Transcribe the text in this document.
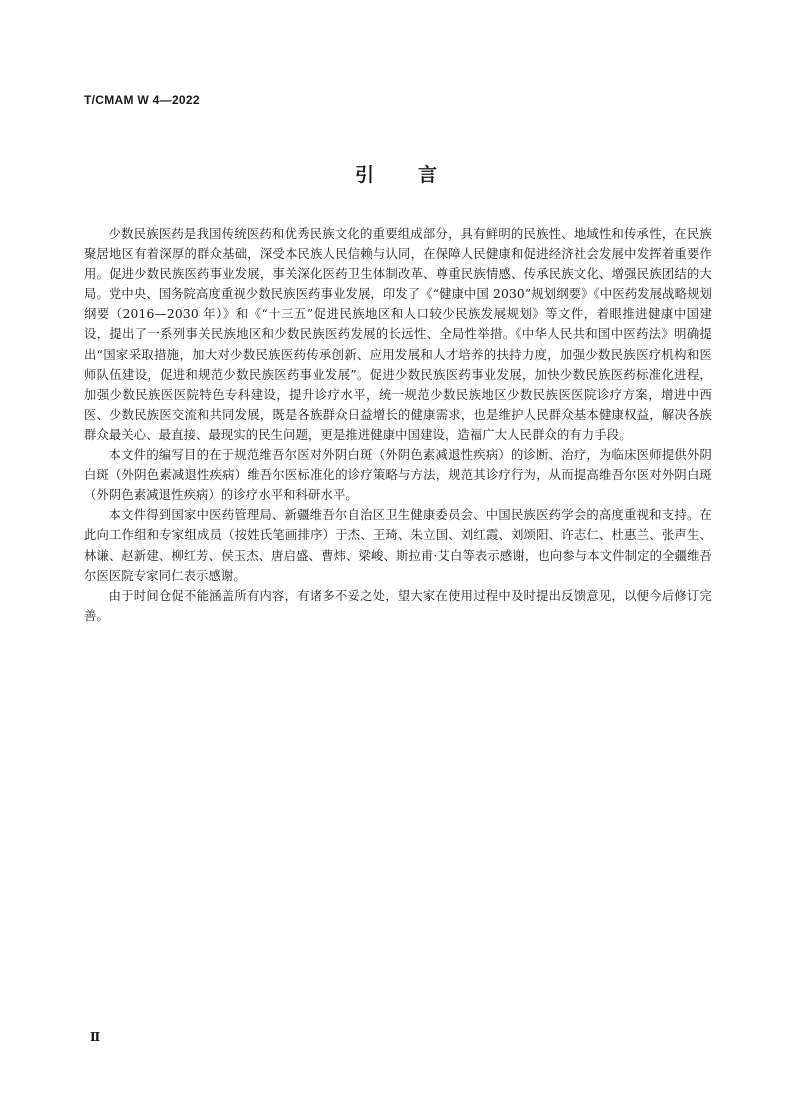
T/CMAM W 4—2022
引 言

少数民族医药是我国传统医药和优秀民族文化的重要组成部分，具有鲜明的民族性、地域性和传承性，在民族聚居地区有着深厚的群众基础，深受本民族人民信赖与认同，在保障人民健康和促进经济社会发展中发挥着重要作用。促进少数民族医药事业发展，事关深化医药卫生体制改革、尊重民族情感、传承民族文化、增强民族团结的大局。党中央、国务院高度重视少数民族医药事业发展，印发了《“健康中国 2030”规划纲要》《中医药发展战略规划纲要（2016—2030 年）》和《“十三五”促进民族地区和人口较少民族发展规划》等文件，着眼推进健康中国建设，提出了一系列事关民族地区和少数民族医药发展的长远性、全局性举措。《中华人民共和国中医药法》明确提出“国家采取措施，加大对少数民族医药传承创新、应用发展和人才培养的扶持力度，加强少数民族医疗机构和医师队伍建设，促进和规范少数民族医药事业发展”。促进少数民族医药事业发展，加快少数民族医药标准化进程，加强少数民族医医院特色专科建设，提升诊疗水平，统一规范少数民族地区少数民族医医院诊疗方案，增进中西医、少数民族医交流和共同发展，既是各族群众日益增长的健康需求，也是维护人民群众基本健康权益，解决各族群众最关心、最直接、最现实的民生问题，更是推进健康中国建设，造福广大人民群众的有力手段。

本文件的编写目的在于规范维吾尔医对外阴白斑（外阴色素减退性疾病）的诊断、治疗，为临床医师提供外阴白斑（外阴色素减退性疾病）维吾尔医标准化的诊疗策略与方法，规范其诊疗行为，从而提高维吾尔医对外阴白斑（外阴色素减退性疾病）的诊疗水平和科研水平。

本文件得到国家中医药管理局、新疆维吾尔自治区卫生健康委员会、中国民族医药学会的高度重视和支持。在此向工作组和专家组成员（按姓氏笔画排序）于杰、王琦、朱立国、刘红霞、刘颂阳、许志仁、杜惠兰、张声生、林谦、赵新建、柳红芳、侯玉杰、唐启盛、曹炜、梁峻、斯拉甫·艾白等表示感谢，也向参与本文件制定的全疆维吾尔医医院专家同仁表示感谢。

由于时间仓促不能涵盖所有内容，有诸多不妥之处，望大家在使用过程中及时提出反馈意见，以便今后修订完善。

Ⅱ
